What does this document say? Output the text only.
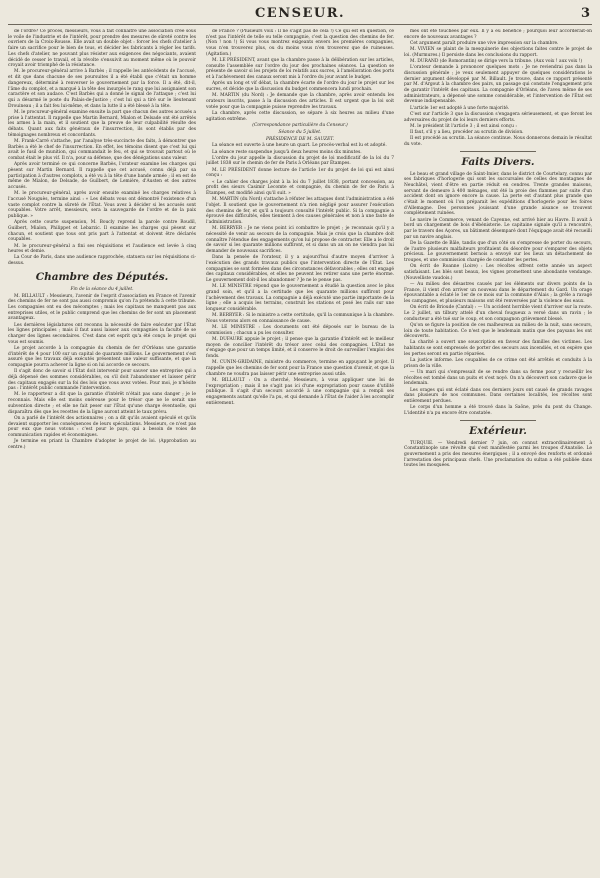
CENSEUR.	3

de l'ordre? Ce procès, messieurs, vous a fait connaître une association crée sous le voile de l'industrie et de l'intérêt, pour prendre des mesures de sûreté contre les ouvriers de la Croix-Rousse. Elle avait un double objet : forcer les chefs d'atelier à faire un sacrifice pour le bien de tous, et décider les fabricants à régler les tarifs. Les chefs d'atelier, ne pouvant plus résister aux exigences des négociants, avaient décidé de cesser le travail, et la révolte s'ensuivit au moment même où le pouvoir croyait avoir triomphé de la résistance.

M. le procureur-général arrive à Barbès ; il rappelle les antécédents de l'accusé, et dit que dans chacune de ses poursuites il a été établi que c'était un homme dangereux, déterminé à renverser le gouvernement par la force. Il a été, dit-il, l'âme du complot, et a marqué à la tête des insurgés le rang que lui assignaient son caractère et son audace. C'est Barbès qui a donné le signal de l'attaque ; c'est lui qui a désarmé le poste du Palais-de-Justice ; c'est lui qui a tiré sur le lieutenant Drouineau ; il a fait feu lui-même, et dans la lutte il a été blessé à la tête.

M. le procureur-général examine ensuite la part que chacun des autres accusés a prise à l'attentat. Il rappelle que Martin Bernard, Mialon et Delsade ont été arrêtés les armes à la main, et il soutient que la preuve de leur culpabilité résulte des débats. Quant aux faits généraux de l'insurrection, ils sont établis par des témoignages nombreux et concordants.

M. Frank-Carré s'attache, par l'analyse très-succincte des faits, à démontrer que Barbès a été le chef de l'insurrection. En effet, les témoins disent que c'est lui qui avait le fusil de munition, qui commandait le feu, et qui se trouvait partout où le combat était le plus vif. Il n'a, pour sa défense, que des dénégations sans valeur.

Après avoir terminé ce qui concerne Barbès, l'orateur examine les charges qui pèsent sur Martin Bernard. Il rappelle que cet accusé, connu déjà par sa participation à d'autres complots, a été vu à la tête d'une bande armée ; il en est de même de Mialon, de Delsade, de Guilbert, de Lemière, d'Austen et des autres accusés.

M. le procureur-général, après avoir ensuite examiné les charges relatives à l'accusé Nouguès, termine ainsi : « Les débats vous ont démontré l'existence d'un vaste complot contre la sûreté de l'État. Vous avez à décider si les accusés sont coupables. Votre arrêt, messieurs, sera la sauvegarde de l'ordre et de la paix publique. »

Après cette courte suspension, M. Boucly reprend la parole contre Roudil, Guilbert, Mialon, Philippet et Lebarzic. Il examine les charges qui pèsent sur chacun, et soutient que tous ont pris part à l'attentat et doivent être déclarés coupables.

M. le procureur-général a fini ses réquisitions et l'audience est levée à cinq heures et demie.

La Cour de Paris, dans une audience rapprochée, statuera sur les réquisitions ci-dessus.

Chambre des Députés.

Fin de la séance du 4 juillet.

M. BILLAULT : Messieurs, l'avenir de l'esprit d'association en France et l'avenir des chemins de fer ne sont pas aussi compromis qu'on l'a prétendu à cette tribune. Les compagnies ont eu des mécomptes ; mais les capitaux ne manquent pas aux entreprises utiles, et le public comprend que les chemins de fer sont un placement avantageux.

Les dernières législatures ont reconnu la nécessité de faire exécuter par l'État les lignes principales ; mais il faut aussi laisser aux compagnies la faculté de se charger des lignes secondaires. C'est dans cet esprit qu'a été conçu le projet qui vous est soumis.

Le projet accorde à la compagnie du chemin de fer d'Orléans une garantie d'intérêt de 4 pour 100 sur un capital de quarante millions. Le gouvernement s'est assuré que les travaux déjà exécutés présentent une valeur suffisante, et que la compagnie pourra achever la ligne si on lui accorde ce secours.

Il s'agit donc de savoir si l'État doit intervenir pour sauver une entreprise qui a déjà dépensé des sommes considérables, ou s'il doit l'abandonner et laisser périr des capitaux engagés sur la foi des lois que vous avez votées. Pour moi, je n'hésite pas : l'intérêt public commande l'intervention.

M. le rapporteur a dit que la garantie d'intérêt n'était pas sans danger ; je le reconnais. Mais elle est moins onéreuse pour le trésor que ne le serait une subvention directe ; et elle ne fait peser sur l'État qu'une charge éventuelle, qui disparaîtra dès que les recettes de la ligne auront atteint le taux prévu.

On a parlé de l'intérêt des actionnaires ; on a dit qu'ils avaient spéculé et qu'ils devaient supporter les conséquences de leurs spéculations. Messieurs, ce n'est pas pour eux que nous votons : c'est pour le pays, qui a besoin de voies de communication rapides et économiques.

Je termine en priant la Chambre d'adopter le projet de loi. (Approbation au centre.)

de France ? (Plusieurs voix : Il ne s'agit pas de cela !) Ce qui est en question, ce n'est pas l'intérêt de telle ou telle compagnie, c'est la question des chemins de fer. (Non ! non !) Si vous vous montrez exigeants envers les premières compagnies, vous n'en trouverez plus, ou du moins vous n'en trouverez que de ruineuses. (Agitation.)

M. LE PRÉSIDENT, avant que la chambre passe à la délibération sur les articles, consulte l'assemblée sur l'ordre du jour des prochaines séances. La question se présente de savoir si les projets de loi relatifs aux sucres, à l'amélioration des ports et à l'achèvement des canaux seront mis à l'ordre du jour avant le budget.

Après un long et vif débat, la chambre écarte de l'ordre du jour le projet sur les sucres, et décide que la discussion du budget commencera lundi prochain.

M. MARTIN (du Nord) : Je demande que la chambre, après avoir entendu les orateurs inscrits, passe à la discussion des articles. Il est urgent que la loi soit votée pour que la compagnie puisse reprendre les travaux.

La chambre, après cette discussion, se sépare à six heures au milieu d'une agitation extrême.

(Correspondance particulière du Censeur.)

Séance du 5 juillet.

PRÉSIDENCE DE M. SAUZET.

La séance est ouverte à une heure un quart. Le procès-verbal est lu et adopté.

La séance reste suspendue jusqu'à deux heures moins dix minutes.

L'ordre du jour appelle la discussion du projet de loi modificatif de la loi du 7 juillet 1838 sur le chemin de fer de Paris à Orléans par Étampes.

M. LE PRÉSIDENT donne lecture de l'article 1er du projet de loi qui est ainsi conçu :

« Le cahier des charges joint à la loi du 7 juillet 1838, portant concession, au profit des sieurs Casimir Lecomte et compagnie, du chemin de fer de Paris à Étampes, est modifié ainsi qu'il suit. »

M. MARTIN (du Nord) s'attache à réfuter les attaques dont l'administration a été l'objet. Il soutient que le gouvernement n'a rien négligé pour assurer l'exécution des chemins de fer, et qu'il a toujours consulté l'intérêt public. Si la compagnie a éprouvé des difficultés, elles tiennent à des causes générales et non à une faute de l'administration.

M. BERRYER : Je ne viens point ici combattre le projet ; je reconnais qu'il y a nécessité de venir au secours de la compagnie. Mais je crois que la chambre doit connaître l'étendue des engagements qu'on lui propose de contracter. Elle a le droit de savoir si les quarante millions suffiront, et si dans un an on ne viendra pas lui demander de nouveaux sacrifices.

Dans la pensée de l'orateur, il y a aujourd'hui d'autre moyen d'arriver à l'exécution des grands travaux publics que l'intervention directe de l'État. Les compagnies se sont formées dans des circonstances défavorables ; elles ont engagé des capitaux considérables, et elles ne peuvent les retirer sans une perte énorme. Le gouvernement doit-il les abandonner ? Je ne le pense pas.

M. LE MINISTRE répond que le gouvernement a étudié la question avec le plus grand soin, et qu'il a la certitude que les quarante millions suffiront pour l'achèvement des travaux. La compagnie a déjà exécuté une partie importante de la ligne ; elle a acquis les terrains, construit les stations et posé les rails sur une longueur considérable.

M. BERRYER : Si le ministre a cette certitude, qu'il la communique à la chambre. Nous voterons alors en connaissance de cause.

M. LE MINISTRE : Les documents ont été déposés sur le bureau de la commission ; chacun a pu les consulter.

M. DUFAURE appuie le projet ; il pense que la garantie d'intérêt est le meilleur moyen de concilier l'intérêt du trésor avec celui des compagnies. L'État ne s'engage que pour un temps limité, et il conserve le droit de surveiller l'emploi des fonds.

M. CUNIN-GRIDAINE, ministre du commerce, termine en appuyant le projet. Il rappelle que les chemins de fer sont pour la France une question d'avenir, et que la chambre ne voudra pas laisser périr une entreprise aussi utile.

M. BILLAULT : On a cherché, Messieurs, à vous appliquer une loi de l'expropriation ; mais il ne s'agit pas ici d'une expropriation pour cause d'utilité publique. Il s'agit d'un secours accordé à une compagnie qui a rempli ses engagements autant qu'elle l'a pu, et qui demande à l'État de l'aider à les accomplir entièrement.

mes ont été touchées par eux. Il y a eu bénéfice ; pourquoi leur accorderait-on encore de nouveaux avantages ?

Cet argument paraît produire une vive impression sur la chambre.

M. VIVIEN se plaint de la mesquinerie des objections faites contre le projet de loi. (Murmures.) Il persiste dans les conclusions du rapport.

M. DURAND (de Romorantin) se dirige vers la tribune. (Aux voix ! aux voix !)

L'orateur demande à prononcer quelques mots : Je ne reviendrai pas dans la discussion générale ; je veux seulement appuyer de quelques considérations le dernier argument développé par M. Billault. Je trouve, dans ce rapport présenté par M. d'Argout à la chambre des pairs, un passage qui constate l'engagement pris de garantir l'intérêt des capitaux. La compagnie d'Orléans, de l'aveu même de ses administrateurs, a dépensé une somme considérable, et l'intervention de l'État est devenue indispensable.

L'article 1er est adopté à une forte majorité.

C'est sur l'article 3 que la discussion s'engagera sérieusement, et que feront les adversaires du projet de loi leurs derniers efforts.

M. le président lit l'article 3 ; il est ainsi conçu :

Il faut, s'il y a lieu, procéder au scrutin de division.

Il est procédé au scrutin. La séance continue. Nous donnerons demain le résultat du vote.

Faits Divers.

Le beau et grand village de Saint-Imier, dans le district de Courtelary, connu par ses fabriques d'horlogerie qui sont les succursales de celles des montagnes de Neuchâtel, vient d'être en partie réduit en cendres. Trente grandes maisons, servant de demeure à 400 ménages, ont été la proie des flammes par suite d'un accident dont on ignore encore la cause. La perte est d'autant plus grande que c'était le moment où l'on préparait les expéditions d'horlogerie pour les foires d'Allemagne. Des personnes jouissant d'une grande aisance se trouvent complètement ruinées.

Le navire le Commerce, venant de Cayenne, est arrivé hier au Havre. Il avait à bord un chargement de bois d'ébénisterie. Le capitaine signale qu'il a rencontré, par le travers des Açores, un bâtiment désemparé dont l'équipage avait été recueilli par un navire anglais.

De la Gazette de Bâle, tandis que d'un côté on s'empresse de porter du secours, de l'autre plusieurs malfaiteurs profitaient du désordre pour s'emparer des objets précieux. Le gouvernement bernois a envoyé sur les lieux un détachement de troupes, et une commission chargée de constater les pertes.

On écrit de Roanne (Loire) : Les récoltes offrent cette année un aspect satisfaisant. Les blés sont beaux, les vignes promettent une abondante vendange. (Nouvelliste vaudois.)

— Au milieu des désastres causés par les éléments sur divers points de la France, il vient d'en arriver un nouveau dans le département du Gard. Un orage épouvantable a éclaté le 1er de ce mois sur la commune d'Alais ; la grêle a ravagé les campagnes, et plusieurs maisons ont été renversées par la violence des eaux.

On écrit de Brioude (Cantal) : — Un accident horrible vient d'arriver sur la route. Le 2 juillet, un tilbury attelé d'un cheval fougueux a versé dans un ravin ; le conducteur a été tué sur le coup, et son compagnon grièvement blessé.

Qu'on se figure la position de ces malheureux au milieu de la nuit, sans secours, loin de toute habitation. Ce n'est que le lendemain matin que des paysans les ont découverts.

La charité a ouvert une souscription en faveur des familles des victimes. Les habitants se sont empressés de porter des secours aux incendiés, et on espère que les pertes seront en partie réparées.

La justice informe. Les coupables de ce crime ont été arrêtés et conduits à la prison de la ville.

— Un mari qui s'empressait de se rendre dans sa ferme pour y recueillir les récoltes est tombé dans un puits et s'est noyé. On n'a découvert son cadavre que le lendemain.

Les orages qui ont éclaté dans ces derniers jours ont causé de grands ravages dans plusieurs de nos communes. Dans certaines localités, les récoltes sont entièrement perdues.

Le corps d'un homme a été trouvé dans la Saône, près du pont du Change. L'identité n'a pu encore être constatée.

Extérieur.

TURQUIE. — Vendredi dernier 7 juin, on connut extraordinairement à Constantinople une révolte qui s'est manifestée parmi les troupes d'Anatolie. Le gouvernement a pris des mesures énergiques ; il a envoyé des renforts et ordonné l'arrestation des principaux chefs. Une proclamation du sultan a été publiée dans toutes les mosquées.
